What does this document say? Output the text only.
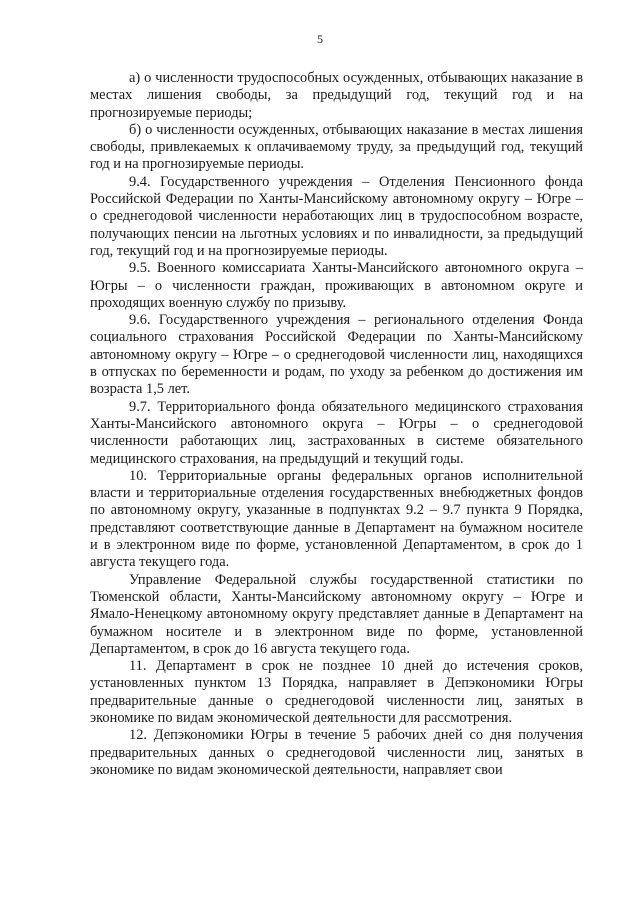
5

а) о численности трудоспособных осужденных, отбывающих наказание в местах лишения свободы, за предыдущий год, текущий год и на прогнозируемые периоды;

б) о численности осужденных, отбывающих наказание в местах лишения свободы, привлекаемых к оплачиваемому труду, за предыдущий год, текущий год и на прогнозируемые периоды.

9.4. Государственного учреждения – Отделения Пенсионного фонда Российской Федерации по Ханты-Мансийскому автономному округу – Югре – о среднегодовой численности неработающих лиц в трудоспособном возрасте, получающих пенсии на льготных условиях и по инвалидности, за предыдущий год, текущий год и на прогнозируемые периоды.

9.5. Военного комиссариата Ханты-Мансийского автономного округа – Югры – о численности граждан, проживающих в автономном округе и проходящих военную службу по призыву.

9.6. Государственного учреждения – регионального отделения Фонда социального страхования Российской Федерации по Ханты-Мансийскому автономному округу – Югре – о среднегодовой численности лиц, находящихся в отпусках по беременности и родам, по уходу за ребенком до достижения им возраста 1,5 лет.

9.7. Территориального фонда обязательного медицинского страхования Ханты-Мансийского автономного округа – Югры – о среднегодовой численности работающих лиц, застрахованных в системе обязательного медицинского страхования, на предыдущий и текущий годы.

10. Территориальные органы федеральных органов исполнительной власти и территориальные отделения государственных внебюджетных фондов по автономному округу, указанные в подпунктах 9.2 – 9.7 пункта 9 Порядка, представляют соответствующие данные в Департамент на бумажном носителе и в электронном виде по форме, установленной Департаментом, в срок до 1 августа текущего года.

Управление Федеральной службы государственной статистики по Тюменской области, Ханты-Мансийскому автономному округу – Югре и Ямало-Ненецкому автономному округу представляет данные в Департамент на бумажном носителе и в электронном виде по форме, установленной Департаментом, в срок до 16 августа текущего года.

11. Департамент в срок не позднее 10 дней до истечения сроков, установленных пунктом 13 Порядка, направляет в Депэкономики Югры предварительные данные о среднегодовой численности лиц, занятых в экономике по видам экономической деятельности для рассмотрения.

12. Депэкономики Югры в течение 5 рабочих дней со дня получения предварительных данных о среднегодовой численности лиц, занятых в экономике по видам экономической деятельности, направляет свои
